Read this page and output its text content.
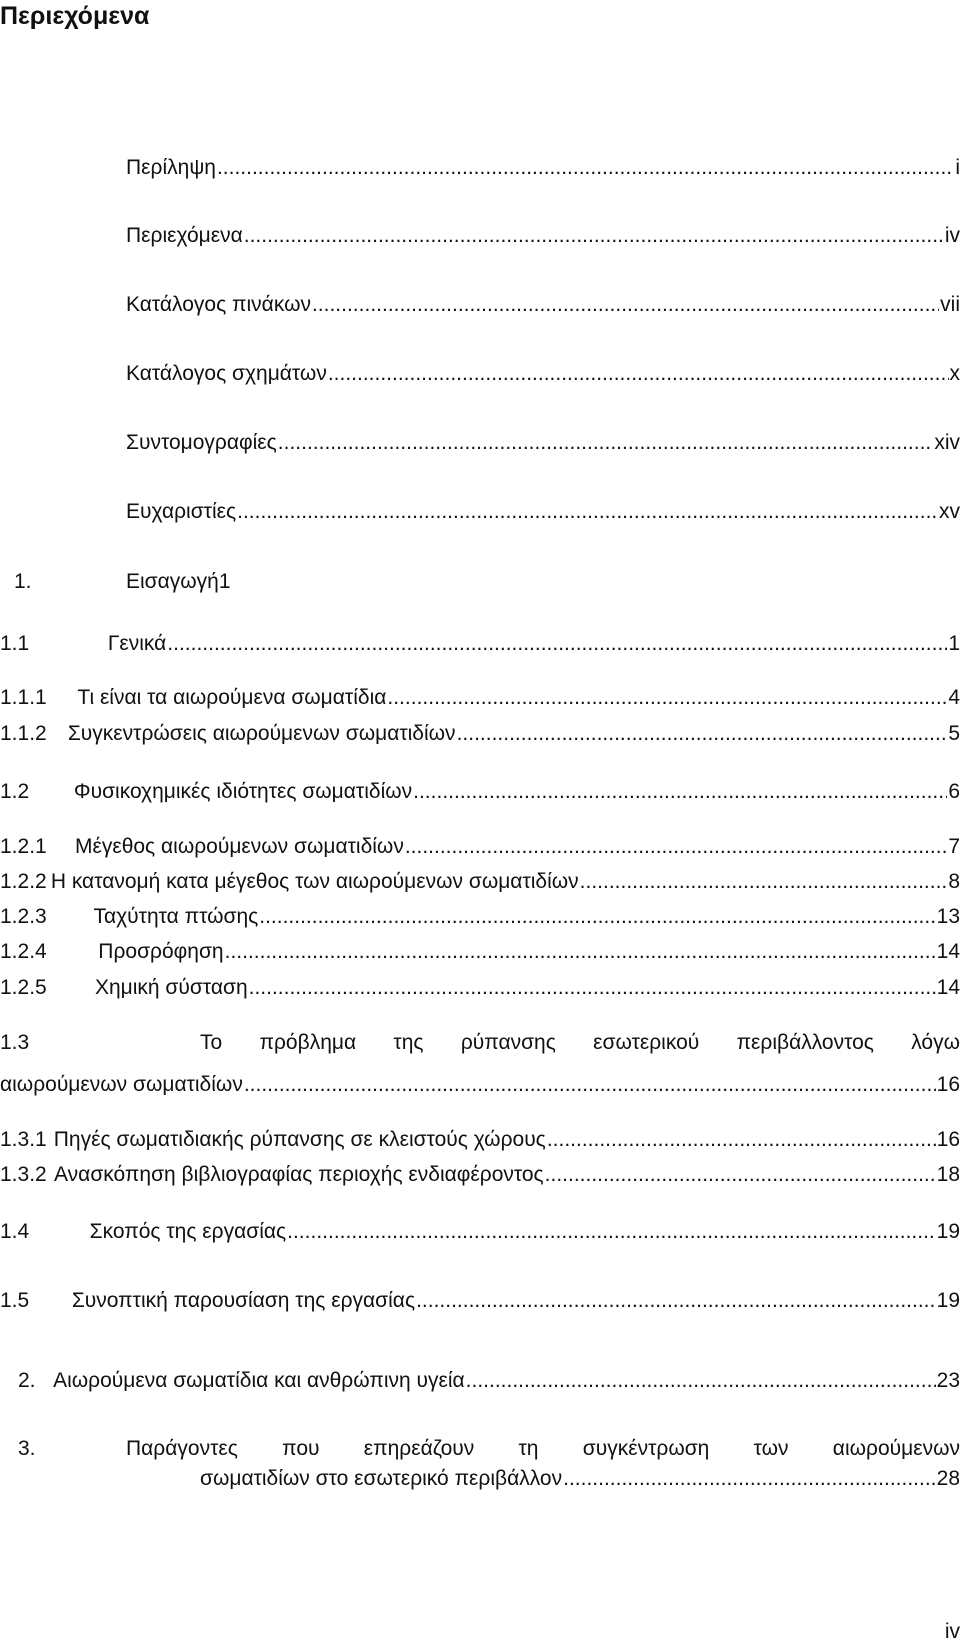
Περιεχόμενα
Περίληψη .....	i
Περιεχόμενα .....	iv
Κατάλογος πινάκων .....	vii
Κατάλογος σχημάτων .....	x
Συντομογραφίες .....	xiv
Ευχαριστίες .....	xv
1.	Εισαγωγή 1
1.1	Γενικά .....	1
1.1.1	Τι είναι τα αιωρούμενα σωματίδια .....	4
1.1.2	Συγκεντρώσεις αιωρούμενων σωματιδίων .....	5
1.2	Φυσικοχημικές ιδιότητες σωματιδίων .....	6
1.2.1	Μέγεθος αιωρούμενων σωματιδίων .....	7
1.2.2 Η κατανομή κατα μέγεθος των αιωρούμενων σωματιδίων .....	8
1.2.3	Ταχύτητα πτώσης .....	13
1.2.4	Προσρόφηση .....	14
1.2.5	Χημική σύσταση .....	14
1.3	Το πρόβλημα της ρύπανσης εσωτερικού περιβάλλοντος λόγω
αιωρούμενων σωματιδίων .....	16
1.3.1 Πηγές σωματιδιακής ρύπανσης σε κλειστούς χώρους .....	16
1.3.2 Ανασκόπηση βιβλιογραφίας περιοχής ενδιαφέροντος .....	18
1.4	Σκοπός της εργασίας .....	19
1.5	Συνοπτική παρουσίαση της εργασίας .....	19
2. Αιωρούμενα σωματίδια και ανθρώπινη υγεία .....	23
3.	Παράγοντες που επηρεάζουν τη συγκέντρωση των αιωρούμενων
σωματιδίων στο εσωτερικό περιβάλλον .....	28
iv
